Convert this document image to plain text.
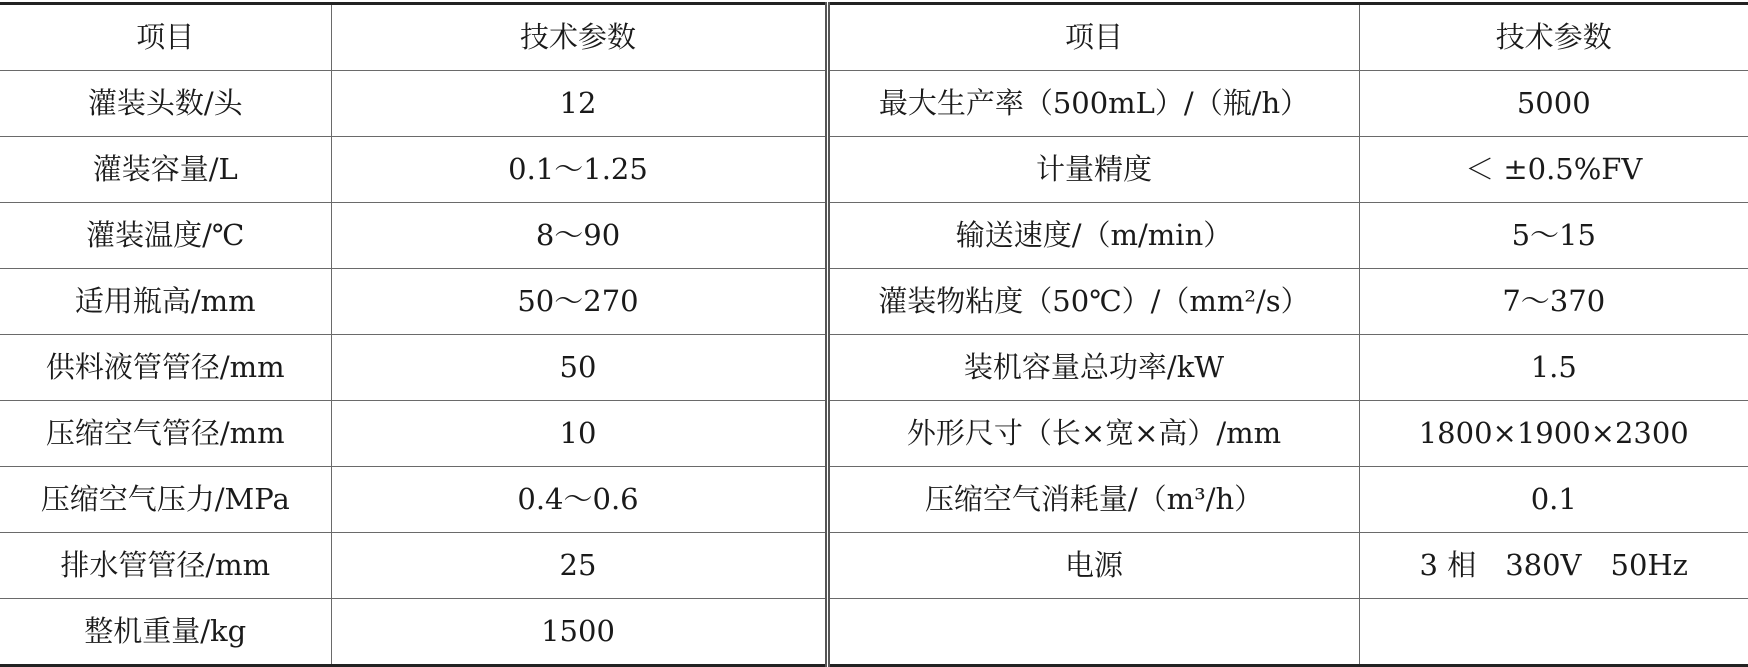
项目	技术参数	项目	技术参数
灌装头数/头	12	最大生产率（500mL）/（瓶/h）	5000
灌装容量/L	0.1～1.25	计量精度	＜ ±0.5%FV
灌装温度/℃	8～90	输送速度/（m/min）	5～15
适用瓶高/mm	50～270	灌装物粘度（50℃）/（mm²/s）	7～370
供料液管管径/mm	50	装机容量总功率/kW	1.5
压缩空气管径/mm	10	外形尺寸（长×宽×高）/mm	1800×1900×2300
压缩空气压力/MPa	0.4～0.6	压缩空气消耗量/（m³/h）	0.1
排水管管径/mm	25	电源	3 相　380V　50Hz
整机重量/kg	1500		
